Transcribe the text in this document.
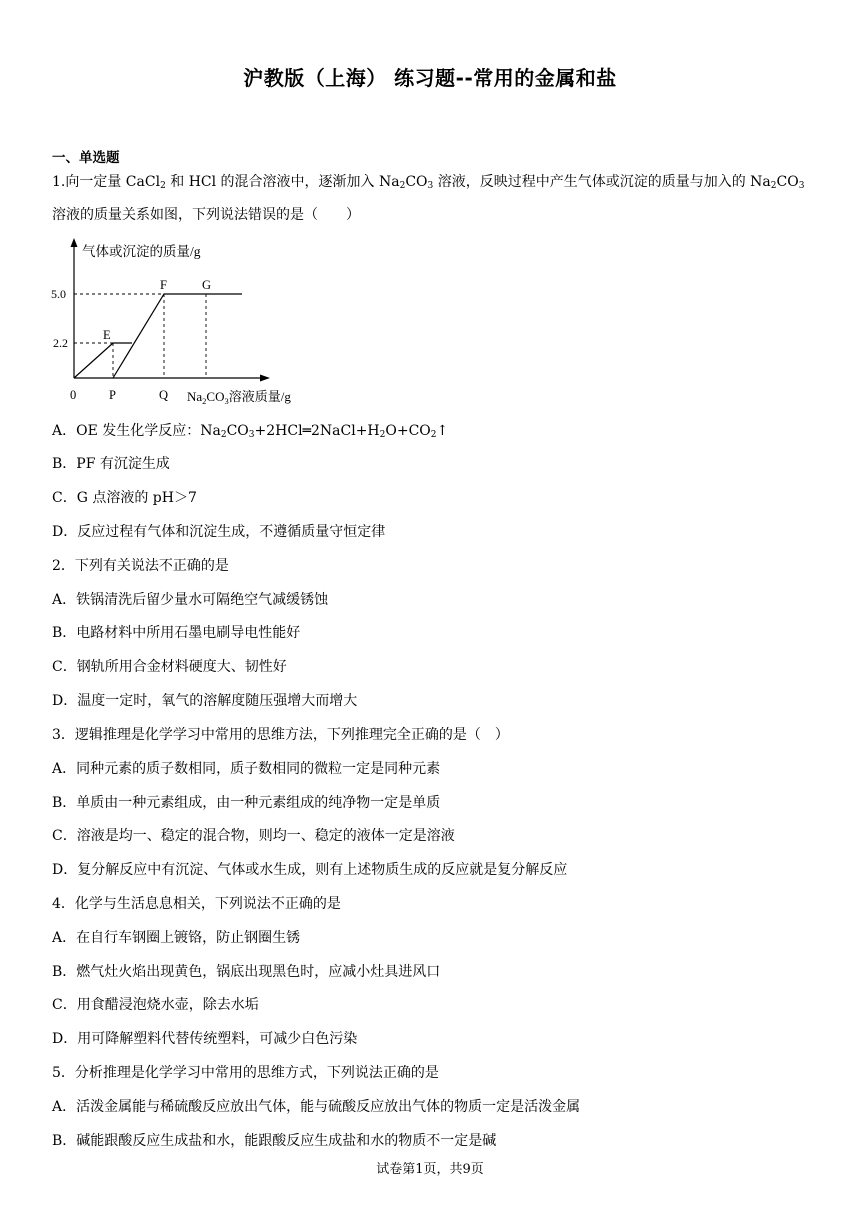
沪教版（上海） 练习题--常用的金属和盐
一、单选题
1.向一定量 CaCl$_2$ 和 HCl 的混合溶液中，逐渐加入 $Na_2CO_3$ 溶液，反映过程中产生气体或沉淀的质量与加入的 $Na_2CO_3$
溶液的质量关系如图，下列说法错误的是（　　）
气体或沉淀的质量/g
5.0
2.2
0
E
F	G
P	Q $Na_2CO_3$溶液质量/g
A．OE 发生化学反应：$Na_2CO_3+2HCl═2NaCl+H_2O+CO_2↑$
B．PF 有沉淀生成
C．G 点溶液的 pH＞7
D．反应过程有气体和沉淀生成，不遵循质量守恒定律
2．下列有关说法不正确的是
A．铁锅清洗后留少量水可隔绝空气减缓锈蚀
B．电路材料中所用石墨电刷导电性能好
C．钢轨所用合金材料硬度大、韧性好
D．温度一定时，氧气的溶解度随压强增大而增大
3．逻辑推理是化学学习中常用的思维方法，下列推理完全正确的是（　）
A．同种元素的质子数相同，质子数相同的微粒一定是同种元素
B．单质由一种元素组成，由一种元素组成的纯净物一定是单质
C．溶液是均一、稳定的混合物，则均一、稳定的液体一定是溶液
D．复分解反应中有沉淀、气体或水生成，则有上述物质生成的反应就是复分解反应
4．化学与生活息息相关，下列说法不正确的是
A．在自行车钢圈上镀铬，防止钢圈生锈
B．燃气灶火焰出现黄色，锅底出现黑色时，应减小灶具进风口
C．用食醋浸泡烧水壶，除去水垢
D．用可降解塑料代替传统塑料，可减少白色污染
5．分析推理是化学学习中常用的思维方式，下列说法正确的是
A．活泼金属能与稀硫酸反应放出气体，能与硫酸反应放出气体的物质一定是活泼金属
B．碱能跟酸反应生成盐和水，能跟酸反应生成盐和水的物质不一定是碱
试卷第1页，共9页
